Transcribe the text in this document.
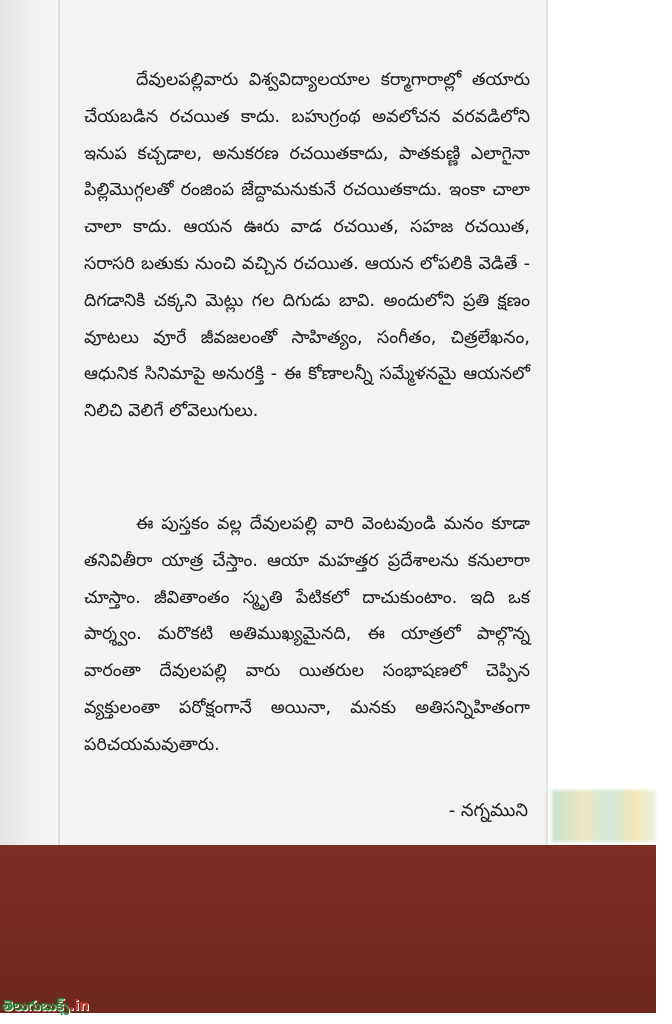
దేవులపల్లివారు విశ్వవిద్యాలయాల కర్మాగారాల్లో తయారు చేయబడిన రచయిత కాదు. బహుగ్రంథ అవలోచన వరవడిలోని ఇనుప కచ్చడాల, అనుకరణ రచయితకాదు, పాతకుణ్ణి ఎలాగైనా పిల్లిమొగ్గలతో రంజింప జేద్దామనుకునే రచయితకాదు. ఇంకా చాలా చాలా కాదు. ఆయన ఊరు వాడ రచయిత, సహజ రచయిత, సరాసరి బతుకు నుంచి వచ్చిన రచయిత. ఆయన లోపలికి వెడితే - దిగడానికి చక్కని మెట్లు గల దిగుడు బావి. అందులోని ప్రతి క్షణం వూటలు వూరే జీవజలంతో సాహిత్యం, సంగీతం, చిత్రలేఖనం, ఆధునిక సినిమాపై అనురక్తి - ఈ కోణాలన్నీ సమ్మేళనమై ఆయనలో నిలిచి వెలిగే లోవెలుగులు.

ఈ పుస్తకం వల్ల దేవులపల్లి వారి వెంటవుండి మనం కూడా తనివితీరా యాత్ర చేస్తాం. ఆయా మహత్తర ప్రదేశాలను కనులారా చూస్తాం. జీవితాంతం స్మృతి పేటికలో దాచుకుంటాం. ఇది ఒక పార్శ్వం. మరొకటి అతిముఖ్యమైనది, ఈ యాత్రలో పాల్గొన్న వారంతా దేవులపల్లి వారు యితరుల సంభాషణలో చెప్పిన వ్యక్తులంతా పరోక్షంగానే అయినా, మనకు అతిసన్నిహితంగా పరిచయమవుతారు.

- నగ్నముని
తెలుగుబుక్స్.in
